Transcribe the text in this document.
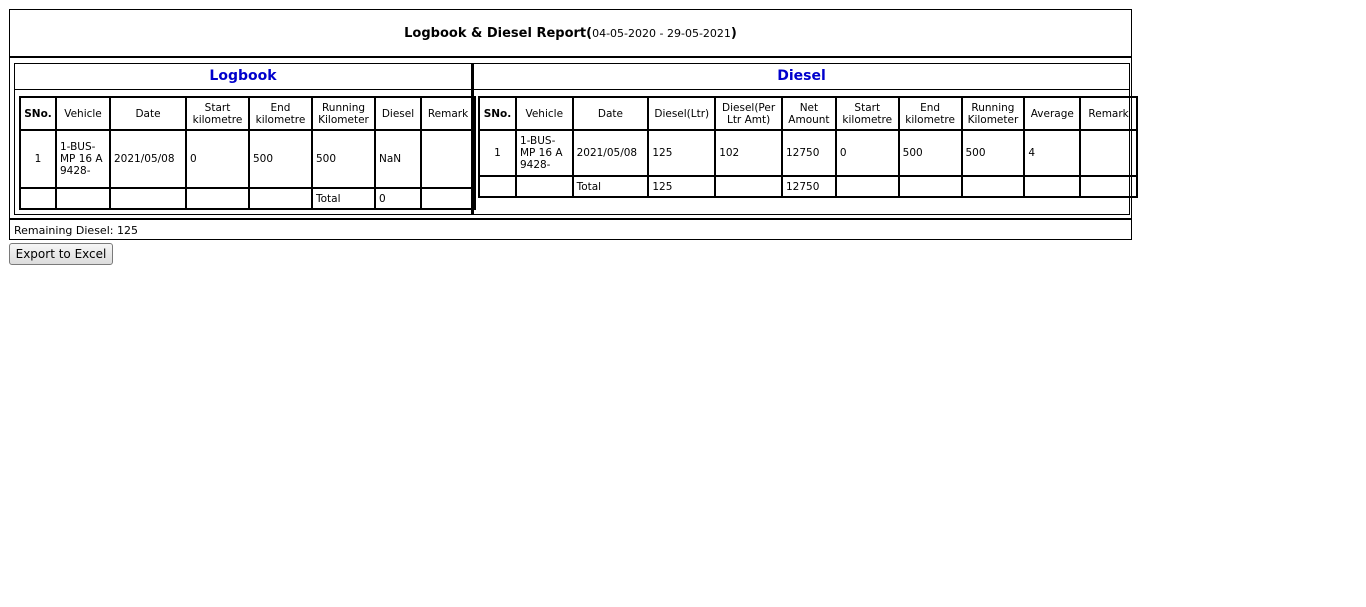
Logbook & Diesel Report ( 04-05-2020 - 29-05-2021 )
Logbook
SNo.	Vehicle	Date	Start kilometre	End kilometre	Running Kilometer	Diesel	Remark
1	1-BUS-MP 16 A 9428-	2021/05/08	0	500	500	NaN	
					Total	0	
Diesel
SNo.	Vehicle	Date	Diesel(Ltr)	Diesel(Per Ltr Amt)	Net Amount	Start kilometre	End kilometre	Running Kilometer	Average	Remark
1	1-BUS-MP 16 A 9428-	2021/05/08	125	102	12750	0	500	500	4	
		Total	125		12750					
Remaining Diesel: 125
Export to Excel
